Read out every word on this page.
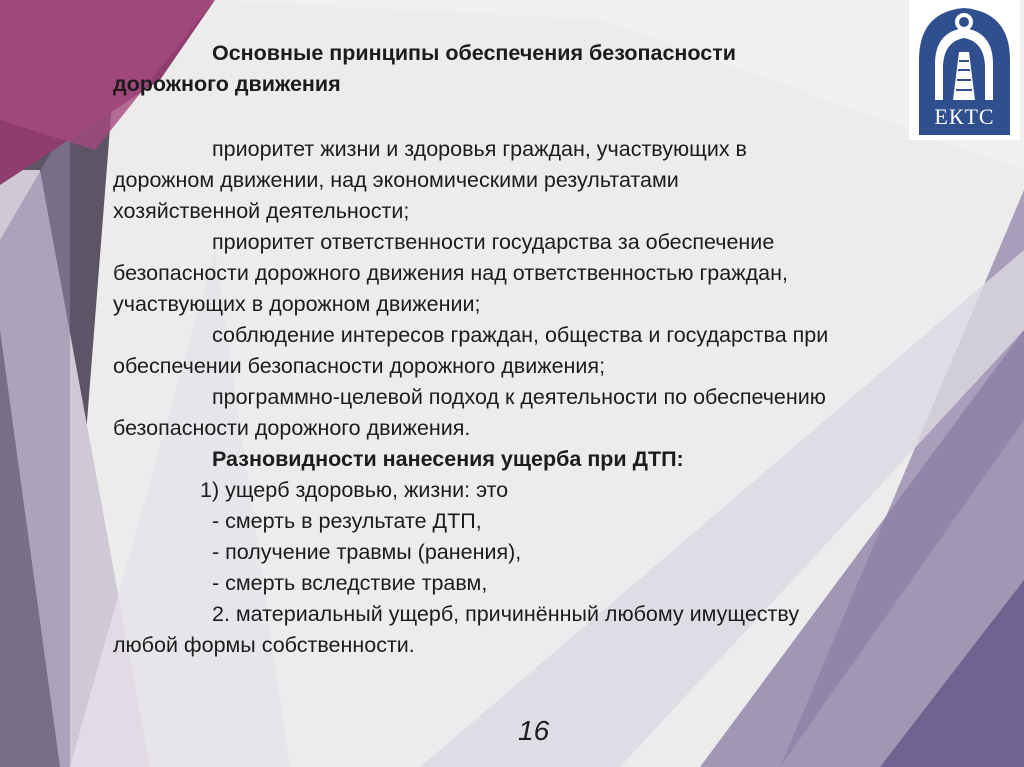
ЕКТС

Основные принципы обеспечения безопасности

дорожного движения

приоритет жизни и здоровья граждан, участвующих в

дорожном движении, над экономическими результатами

хозяйственной деятельности;

приоритет ответственности государства за обеспечение

безопасности дорожного движения над ответственностью граждан,

участвующих в дорожном движении;

соблюдение интересов граждан, общества и государства при

обеспечении безопасности дорожного движения;

программно-целевой подход к деятельности по обеспечению

безопасности дорожного движения.

Разновидности нанесения ущерба при ДТП:

1) ущерб здоровью, жизни: это

- смерть в результате ДТП,

- получение травмы (ранения),

- смерть вследствие травм,

2. материальный ущерб, причинённый любому имуществу

любой формы собственности.

16
